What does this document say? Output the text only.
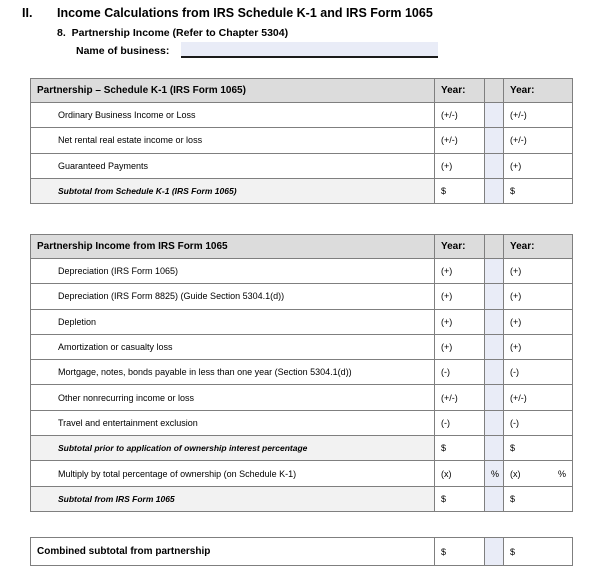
II. Income Calculations from IRS Schedule K-1 and IRS Form 1065
8. Partnership Income (Refer to Chapter 5304)
Name of business:
Partnership – Schedule K-1 (IRS Form 1065)	Year:		Year:
Ordinary Business Income or Loss	(+/-)		(+/-)
Net rental real estate income or loss	(+/-)		(+/-)
Guaranteed Payments	(+)		(+)
Subtotal from Schedule K-1 (IRS Form 1065)	$		$
Partnership Income from IRS Form 1065	Year:		Year:
Depreciation (IRS Form 1065)	(+)		(+)
Depreciation (IRS Form 8825) (Guide Section 5304.1(d))	(+)		(+)
Depletion	(+)		(+)
Amortization or casualty loss	(+)		(+)
Mortgage, notes, bonds payable in less than one year (Section 5304.1(d))	(-)		(-)
Other nonrecurring income or loss	(+/-)		(+/-)
Travel and entertainment exclusion	(-)		(-)
Subtotal prior to application of ownership interest percentage	$		$
Multiply by total percentage of ownership (on Schedule K-1)	(x)	%	(x) %

Subtotal from IRS Form 1065	$		$
Combined subtotal from partnership	$		$
